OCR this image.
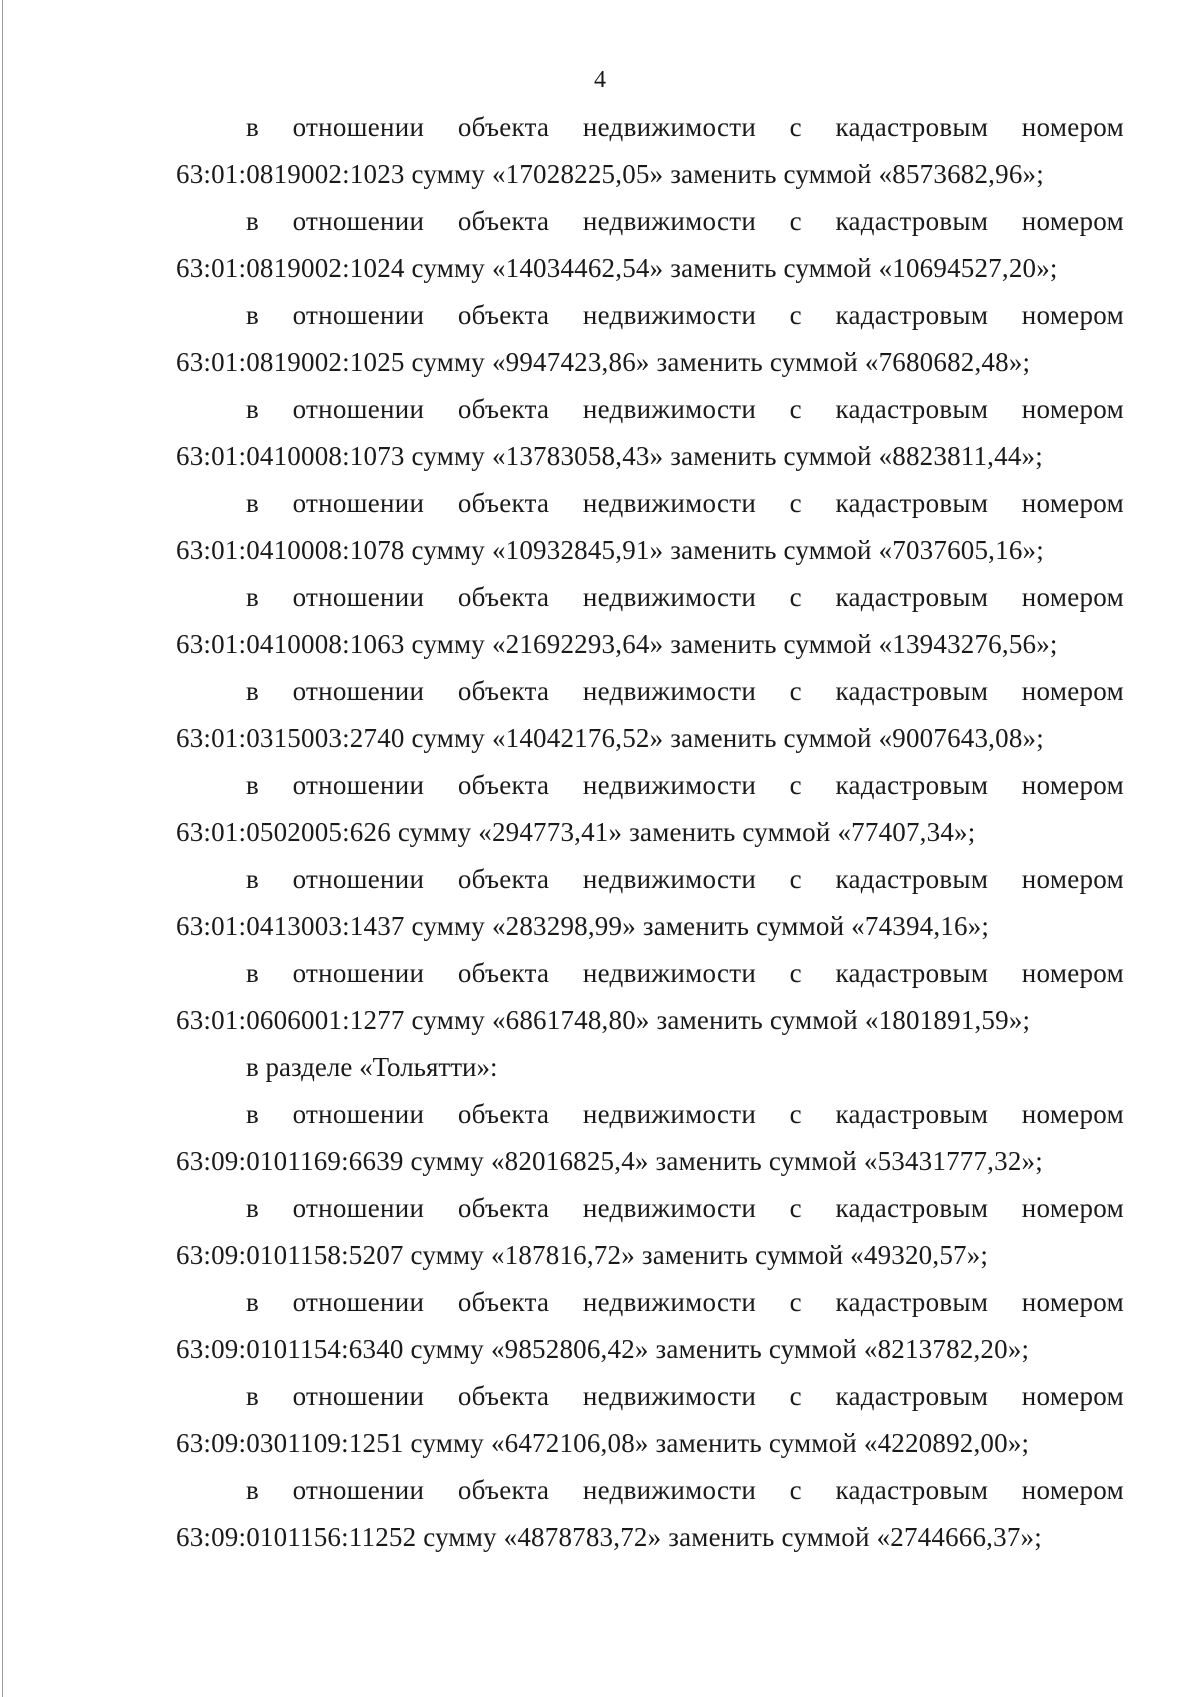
4
в отношении объекта недвижимости с кадастровым номером
63:01:0819002:1023 сумму «17028225,05» заменить суммой «8573682,96»;
в отношении объекта недвижимости с кадастровым номером
63:01:0819002:1024 сумму «14034462,54» заменить суммой «10694527,20»;
в отношении объекта недвижимости с кадастровым номером
63:01:0819002:1025 сумму «9947423,86» заменить суммой «7680682,48»;
в отношении объекта недвижимости с кадастровым номером
63:01:0410008:1073 сумму «13783058,43» заменить суммой «8823811,44»;
в отношении объекта недвижимости с кадастровым номером
63:01:0410008:1078 сумму «10932845,91» заменить суммой «7037605,16»;
в отношении объекта недвижимости с кадастровым номером
63:01:0410008:1063 сумму «21692293,64» заменить суммой «13943276,56»;
в отношении объекта недвижимости с кадастровым номером
63:01:0315003:2740 сумму «14042176,52» заменить суммой «9007643,08»;
в отношении объекта недвижимости с кадастровым номером
63:01:0502005:626 сумму «294773,41» заменить суммой «77407,34»;
в отношении объекта недвижимости с кадастровым номером
63:01:0413003:1437 сумму «283298,99» заменить суммой «74394,16»;
в отношении объекта недвижимости с кадастровым номером
63:01:0606001:1277 сумму «6861748,80» заменить суммой «1801891,59»;
в разделе «Тольятти»:
в отношении объекта недвижимости с кадастровым номером
63:09:0101169:6639 сумму «82016825,4» заменить суммой «53431777,32»;
в отношении объекта недвижимости с кадастровым номером
63:09:0101158:5207 сумму «187816,72» заменить суммой «49320,57»;
в отношении объекта недвижимости с кадастровым номером
63:09:0101154:6340 сумму «9852806,42» заменить суммой «8213782,20»;
в отношении объекта недвижимости с кадастровым номером
63:09:0301109:1251 сумму «6472106,08» заменить суммой «4220892,00»;
в отношении объекта недвижимости с кадастровым номером
63:09:0101156:11252 сумму «4878783,72» заменить суммой «2744666,37»;
